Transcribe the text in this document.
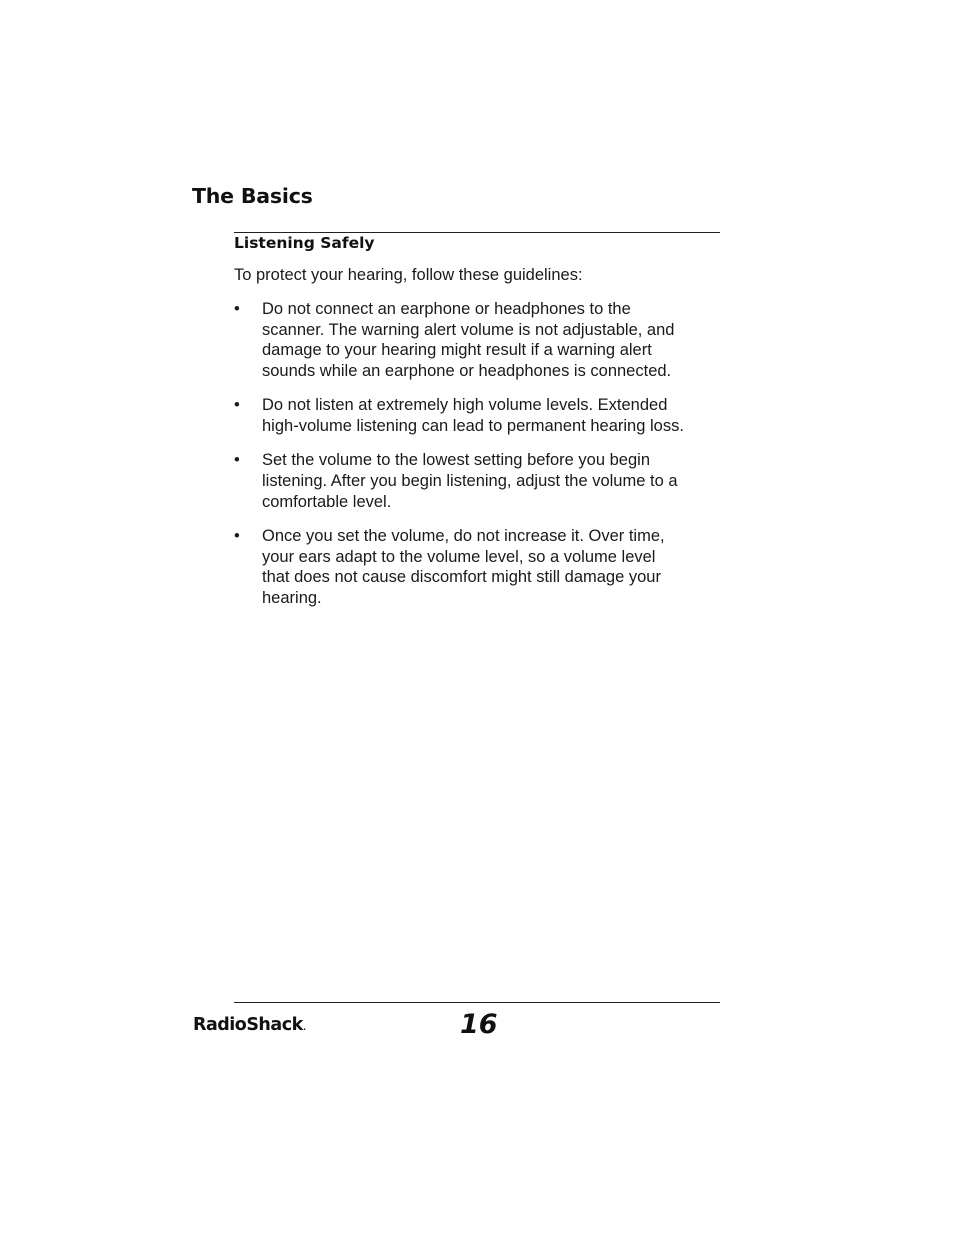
The Basics
Listening Safely

To protect your hearing, follow these guidelines:

•	Do not connect an earphone or headphones to the
scanner. The warning alert volume is not adjustable, and
damage to your hearing might result if a warning alert
sounds while an earphone or headphones is connected.
•	Do not listen at extremely high volume levels. Extended
high-volume listening can lead to permanent hearing loss.
•	Set the volume to the lowest setting before you begin
listening. After you begin listening, adjust the volume to a
comfortable level.
•	Once you set the volume, do not increase it. Over time,
your ears adapt to the volume level, so a volume level
that does not cause discomfort might still damage your
hearing.
RadioShack.	16
